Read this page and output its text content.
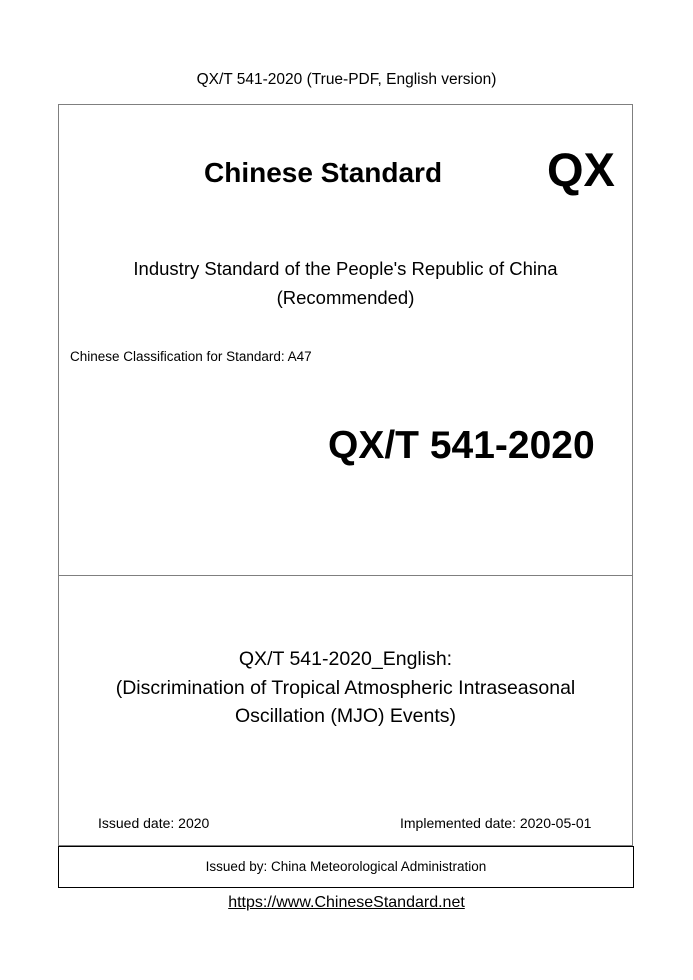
QX/T 541-2020 (True-PDF, English version)
Chinese Standard QX
Industry Standard of the People's Republic of China
(Recommended)
Chinese Classification for Standard: A47
QX/T 541-2020
QX/T 541-2020_English:
(Discrimination of Tropical Atmospheric Intraseasonal
Oscillation (MJO) Events)
Issued date: 2020	Implemented date: 2020-05-01
Issued by: China Meteorological Administration
https://www.ChineseStandard.net
